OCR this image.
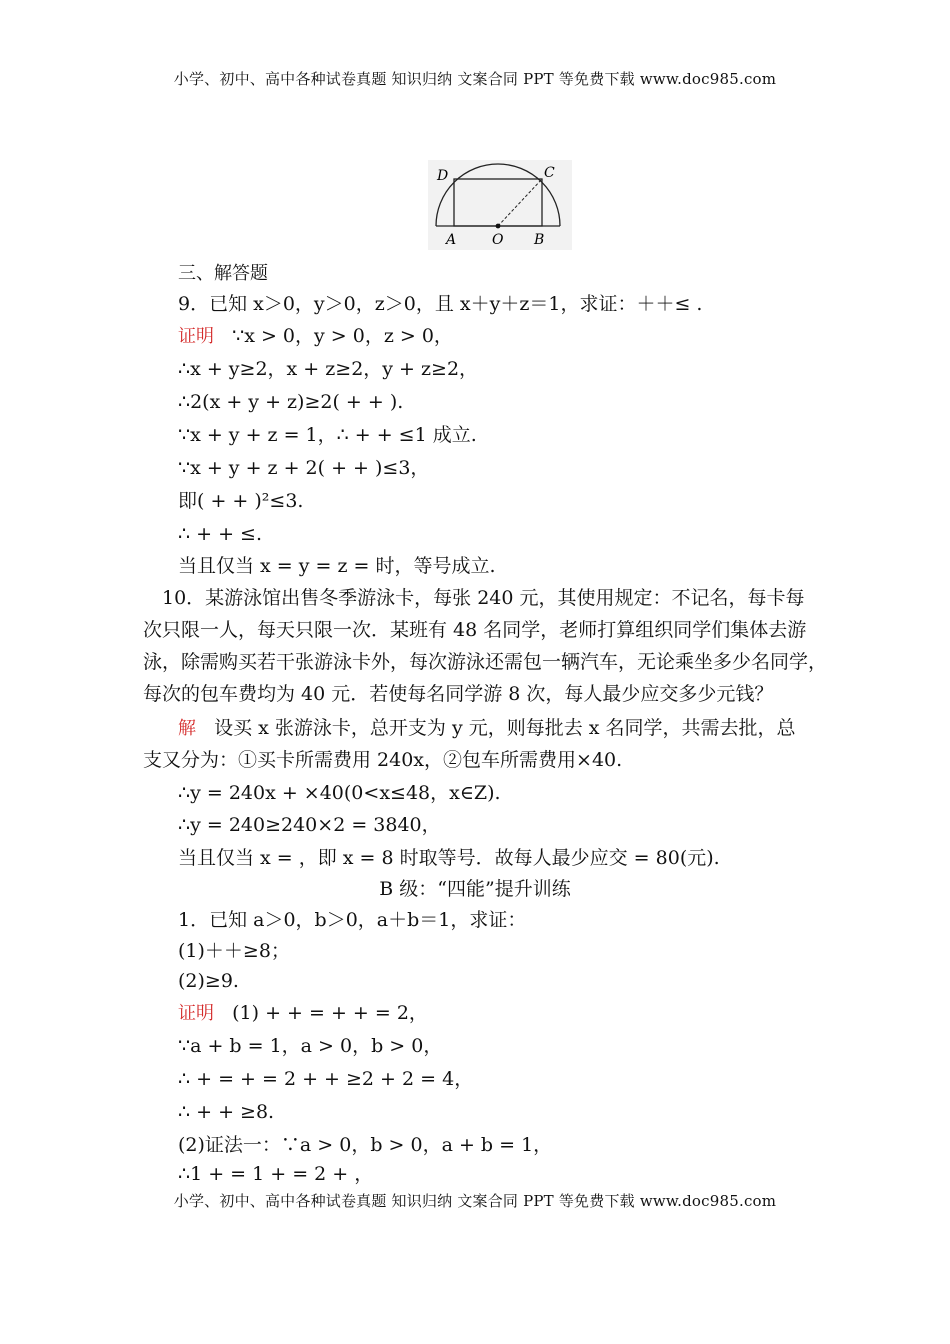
小学、初中、高中各种试卷真题 知识归纳 文案合同 PPT 等免费下载 www.doc985.com
D	C
A	O B
三、解答题
9．已知 x＞0，y＞0，z＞0，且 x＋y＋z＝1，求证：＋＋≤ .
证明 ∵x > 0，y > 0，z > 0，
∴x + y≥2，x + z≥2，y + z≥2，
∴2(x + y + z)≥2( + + ).
∵x + y + z = 1，∴ + + ≤1 成立.
∵x + y + z + 2( + + )≤3，
即( + + )²≤3.
∴ + + ≤.
当且仅当 x = y = z = 时，等号成立.
10．某游泳馆出售冬季游泳卡，每张 240 元，其使用规定：不记名，每卡每
次只限一人，每天只限一次．某班有 48 名同学，老师打算组织同学们集体去游
泳，除需购买若干张游泳卡外，每次游泳还需包一辆汽车，无论乘坐多少名同学，
每次的包车费均为 40 元．若使每名同学游 8 次，每人最少应交多少元钱？
解 设买 x 张游泳卡，总开支为 y 元，则每批去 x 名同学，共需去批，总
支又分为：①买卡所需费用 240x，②包车所需费用×40.
∴y = 240x + ×40(0<x≤48，x∈Z).
∴y = 240≥240×2 = 3840，
当且仅当 x = ，即 x = 8 时取等号．故每人最少应交 = 80(元).
B 级：“四能”提升训练
1．已知 a＞0，b＞0，a＋b＝1，求证：
(1)＋＋≥8；
(2)≥9.
证明 (1) + + = + + = 2，
∵a + b = 1，a > 0，b > 0，
∴ + = + = 2 + + ≥2 + 2 = 4，
∴ + + ≥8.
(2)证法一：∵a > 0，b > 0，a + b = 1，
∴1 + = 1 + = 2 + ，
小学、初中、高中各种试卷真题 知识归纳 文案合同 PPT 等免费下载 www.doc985.com
